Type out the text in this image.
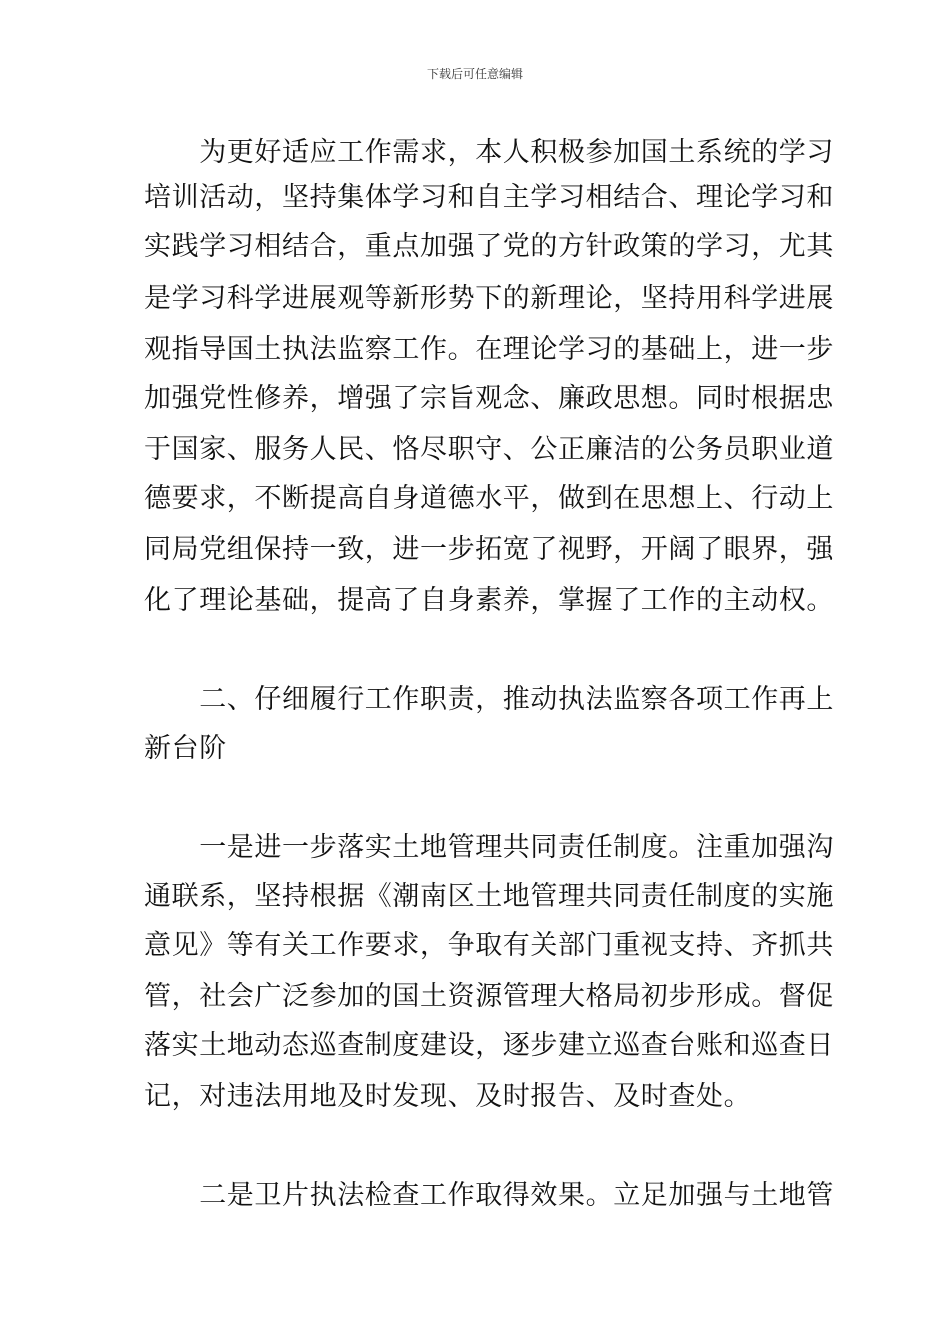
下载后可任意编辑
　　为更好适应工作需求，本人积极参加国土系统的学习
培训活动，坚持集体学习和自主学习相结合、理论学习和
实践学习相结合，重点加强了党的方针政策的学习，尤其
是学习科学进展观等新形势下的新理论，坚持用科学进展
观指导国土执法监察工作。在理论学习的基础上，进一步
加强党性修养，增强了宗旨观念、廉政思想。同时根据忠
于国家、服务人民、恪尽职守、公正廉洁的公务员职业道
德要求，不断提高自身道德水平，做到在思想上、行动上
同局党组保持一致，进一步拓宽了视野，开阔了眼界，强
化了理论基础，提高了自身素养，掌握了工作的主动权。
　　二、仔细履行工作职责，推动执法监察各项工作再上
新台阶
　　一是进一步落实土地管理共同责任制度。注重加强沟
通联系，坚持根据《潮南区土地管理共同责任制度的实施
意见》等有关工作要求，争取有关部门重视支持、齐抓共
管，社会广泛参加的国土资源管理大格局初步形成。督促
落实土地动态巡查制度建设，逐步建立巡查台账和巡查日
记，对违法用地及时发现、及时报告、及时查处。
　　二是卫片执法检查工作取得效果。立足加强与土地管
